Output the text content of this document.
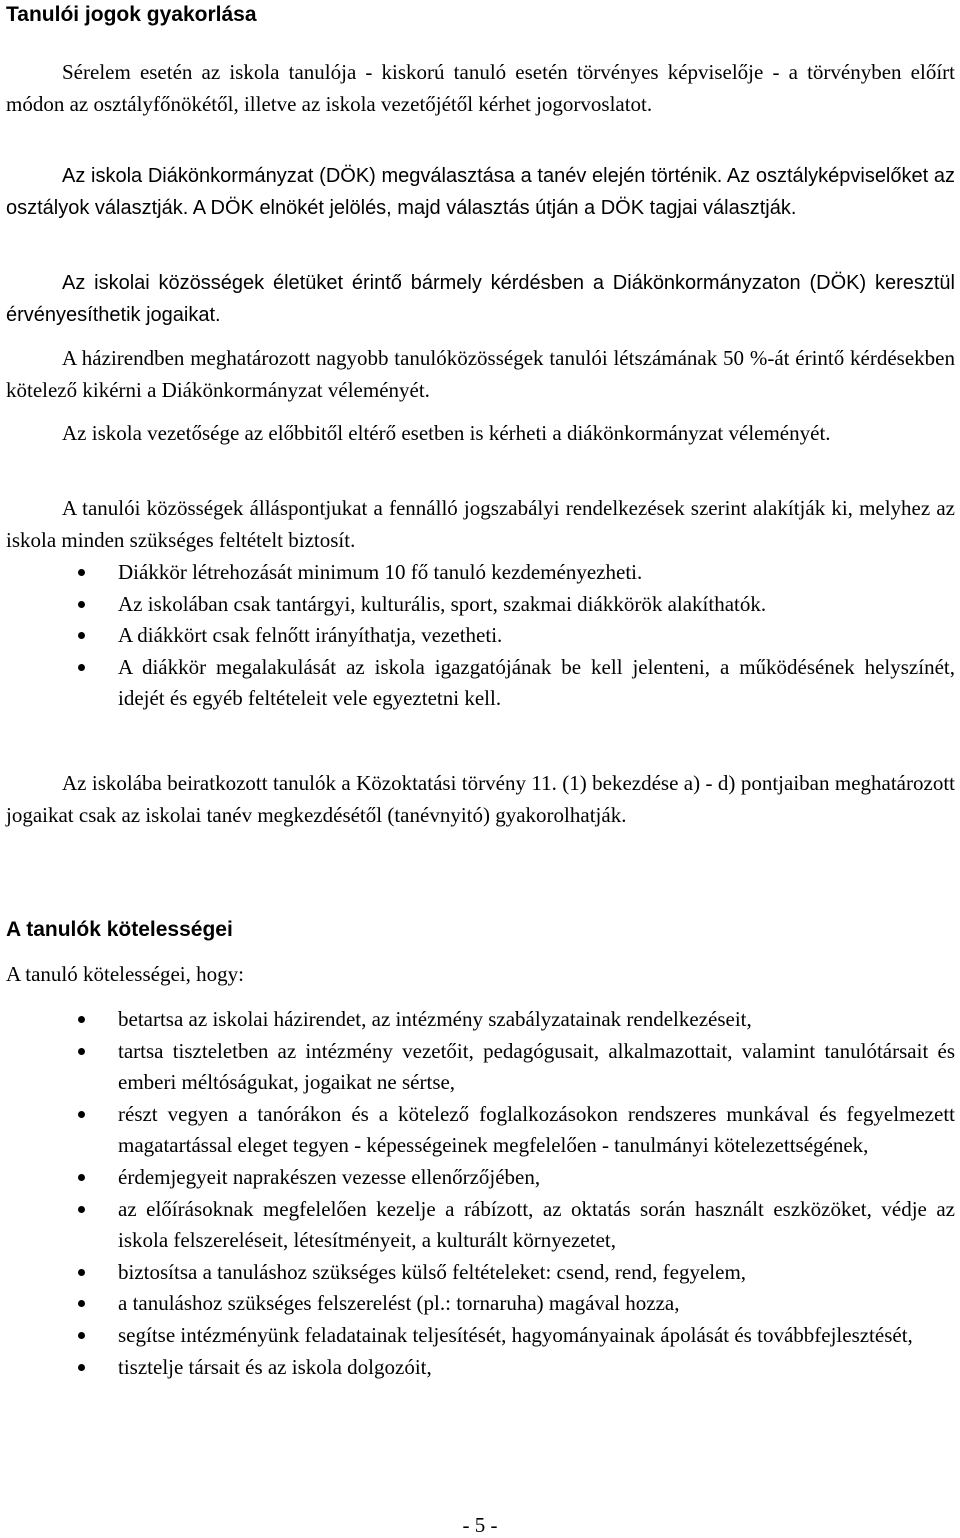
Tanulói jogok gyakorlása

Sérelem esetén az iskola tanulója - kiskorú tanuló esetén törvényes képviselője - a törvényben előírt módon az osztályfőnökétől, illetve az iskola vezetőjétől kérhet jogorvoslatot.

Az iskola Diákönkormányzat (DÖK) megválasztása a tanév elején történik. Az osztályképviselőket az osztályok választják. A DÖK elnökét jelölés, majd választás útján a DÖK tagjai választják.

Az iskolai közösségek életüket érintő bármely kérdésben a Diákönkormányzaton (DÖK) keresztül érvényesíthetik jogaikat.

A házirendben meghatározott nagyobb tanulóközösségek tanulói létszámának 50 %-át érintő kérdésekben kötelező kikérni a Diákönkormányzat véleményét.

Az iskola vezetősége az előbbitől eltérő esetben is kérheti a diákönkormányzat véleményét.

A tanulói közösségek álláspontjukat a fennálló jogszabályi rendelkezések szerint alakítják ki, melyhez az iskola minden szükséges feltételt biztosít.

Diákkör létrehozását minimum 10 fő tanuló kezdeményezheti.
Az iskolában csak tantárgyi, kulturális, sport, szakmai diákkörök alakíthatók.
A diákkört csak felnőtt irányíthatja, vezetheti.
A diákkör megalakulását az iskola igazgatójának be kell jelenteni, a működésének helyszínét, idejét és egyéb feltételeit vele egyeztetni kell.

Az iskolába beiratkozott tanulók a Közoktatási törvény 11. (1) bekezdése a) - d) pontjaiban meghatározott jogaikat csak az iskolai tanév megkezdésétől (tanévnyitó) gyakorolhatják.

A tanulók kötelességei

A tanuló kötelességei, hogy:

betartsa az iskolai házirendet, az intézmény szabályzatainak rendelkezéseit,
tartsa tiszteletben az intézmény vezetőit, pedagógusait, alkalmazottait, valamint tanulótársait és emberi méltóságukat, jogaikat ne sértse,
részt vegyen a tanórákon és a kötelező foglalkozásokon rendszeres munkával és fegyelmezett magatartással eleget tegyen - képességeinek megfelelően - tanulmányi kötelezettségének,
érdemjegyeit naprakészen vezesse ellenőrzőjében,
az előírásoknak megfelelően kezelje a rábízott, az oktatás során használt eszközöket, védje az iskola felszereléseit, létesítményeit, a kulturált környezetet,
biztosítsa a tanuláshoz szükséges külső feltételeket: csend, rend, fegyelem,
a tanuláshoz szükséges felszerelést (pl.: tornaruha) magával hozza,
segítse intézményünk feladatainak teljesítését, hagyományainak ápolását és továbbfejlesztését,
tisztelje társait és az iskola dolgozóit,
- 5 -
